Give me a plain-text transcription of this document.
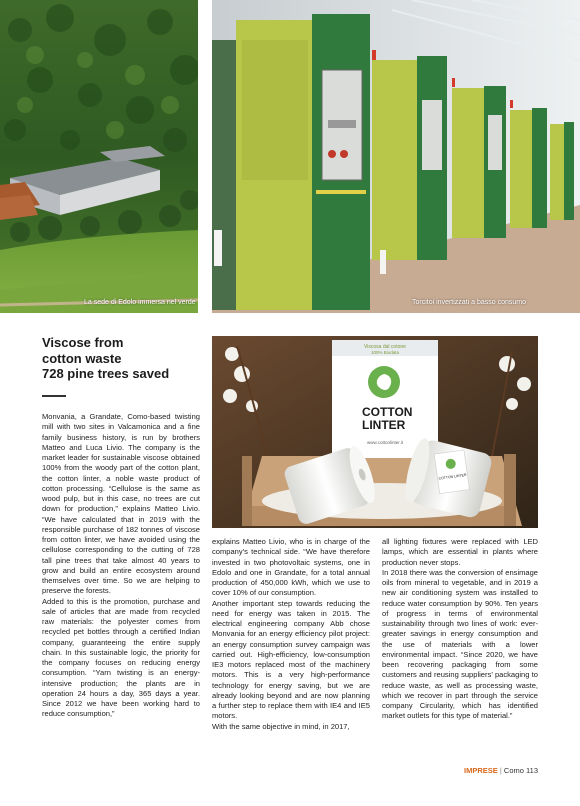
La sede di Edolo immersa nel verde	Torcitoi invertizzati a basso consumo
Viscose from
cotton waste
728 pine trees saved
Viscosa dal cotone
100% Biodata
COTTON
LINTER
www.cottonlinter.it
COTTON LINTER

Monvania, a Grandate, Como-based twisting mill with two sites in Valcamonica and a fine family business history, is run by brothers Matteo and Luca Livio. The company is the market leader for sustainable viscose obtained 100% from the woody part of the cotton plant, the cotton linter, a noble waste product of cotton processing. “Cellulose is the same as wood pulp, but in this case, no trees are cut down for production,” explains Matteo Livio. “We have calculated that in 2019 with the responsible purchase of 182 tonnes of viscose from cotton linter, we have avoided using the cellulose corresponding to the cutting of 728 tall pine trees that take almost 40 years to grow and build an entire ecosystem around themselves over time. So we are helping to preserve the forests.

Added to this is the promotion, purchase and sale of articles that are made from recycled raw materials: the polyester comes from recycled pet bottles through a certified Indian company, guaranteeing the entire supply chain. In this sustainable logic, the priority for the company focuses on reducing energy consumption. “Yarn twisting is an energy-intensive production; the plants are in operation 24 hours a day, 365 days a year. Since 2012 we have been working hard to reduce consumption,”

explains Matteo Livio, who is in charge of the company’s technical side. “We have therefore invested in two photovoltaic systems, one in Edolo and one in Grandate, for a total annual production of 450,000 kWh, which we use to cover 10% of our consumption.

Another important step towards reducing the need for energy was taken in 2015. The electrical engineering company Abb chose Monvania for an energy efficiency pilot project: an energy consumption survey campaign was carried out. High-efficiency, low-consumption IE3 motors replaced most of the machinery motors. This is a very high-performance technology for energy saving, but we are already looking beyond and are now planning a further step to replace them with IE4 and IE5 motors.

With the same objective in mind, in 2017,

all lighting fixtures were replaced with LED lamps, which are essential in plants where production never stops.

In 2018 there was the conversion of ensimage oils from mineral to vegetable, and in 2019 a new air conditioning system was installed to reduce water consumption by 90%. Ten years of progress in terms of environmental sustainability through two lines of work: ever-greater savings in energy consumption and the use of materials with a lower environmental impact. “Since 2020, we have been recovering packaging from some customers and reusing suppliers’ packaging to reduce waste, as well as processing waste, which we recover in part through the service company Circularity, which has identified market outlets for this type of material.”

IMPRESE | Como 113
